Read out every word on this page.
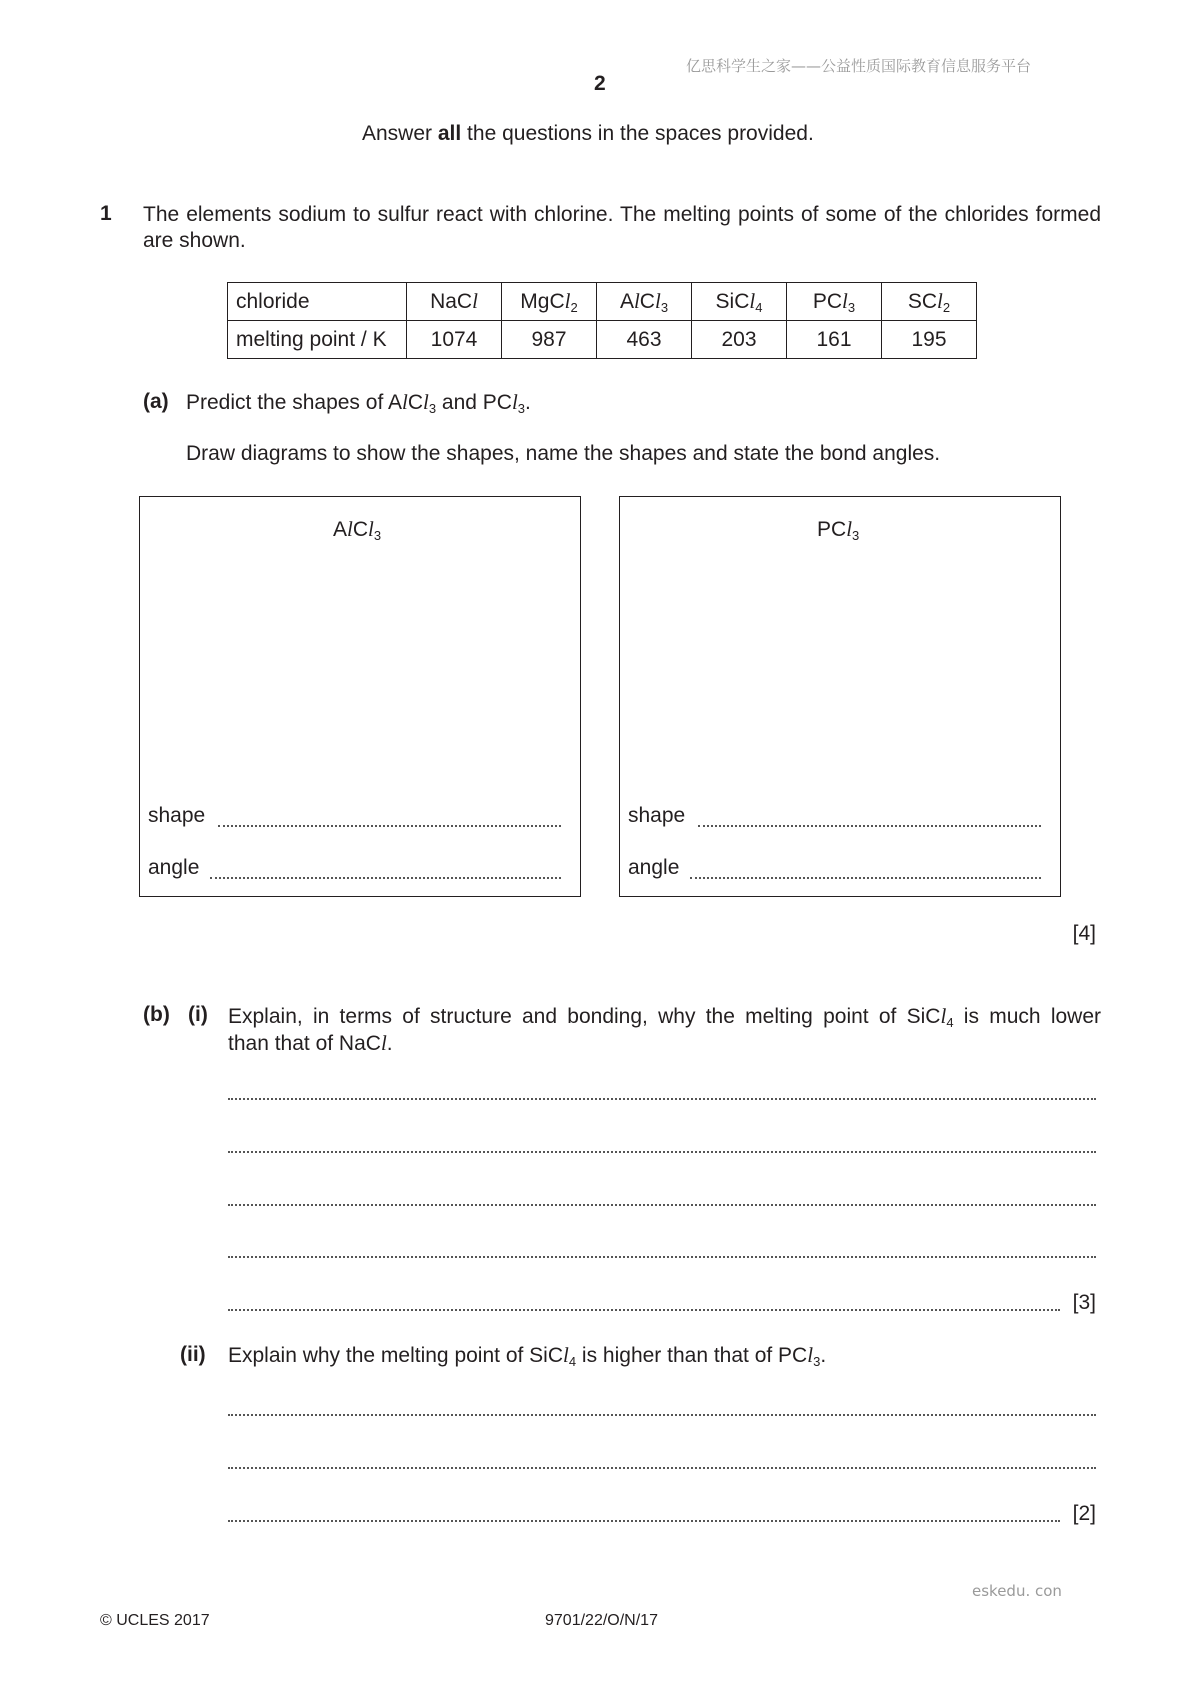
亿思科学生之家——公益性质国际教育信息服务平台
2
Answer all the questions in the spaces provided.
1 The elements sodium to sulfur react with chlorine. The melting points of some of the chlorides formed are shown.
chloride	NaCl	MgCl$_2$	AlCl$_3$	SiCl$_4$	PCl$_3$	SCl$_2$
melting point / K	1074	987	463	203	161	195
(a) Predict the shapes of AlCl$_3$ and PCl$_3$.
Draw diagrams to show the shapes, name the shapes and state the bond angles.
AlCl$_3$
shape
angle
PCl$_3$
shape
angle
[4]
(b) (i) Explain, in terms of structure and bonding, why the melting point of SiCl$_4$ is much lower
than that of NaCl.
[3]
(ii) Explain why the melting point of SiCl$_4$ is higher than that of PCl$_3$.
[2]
eskedu. con
© UCLES 2017	9701/22/O/N/17
